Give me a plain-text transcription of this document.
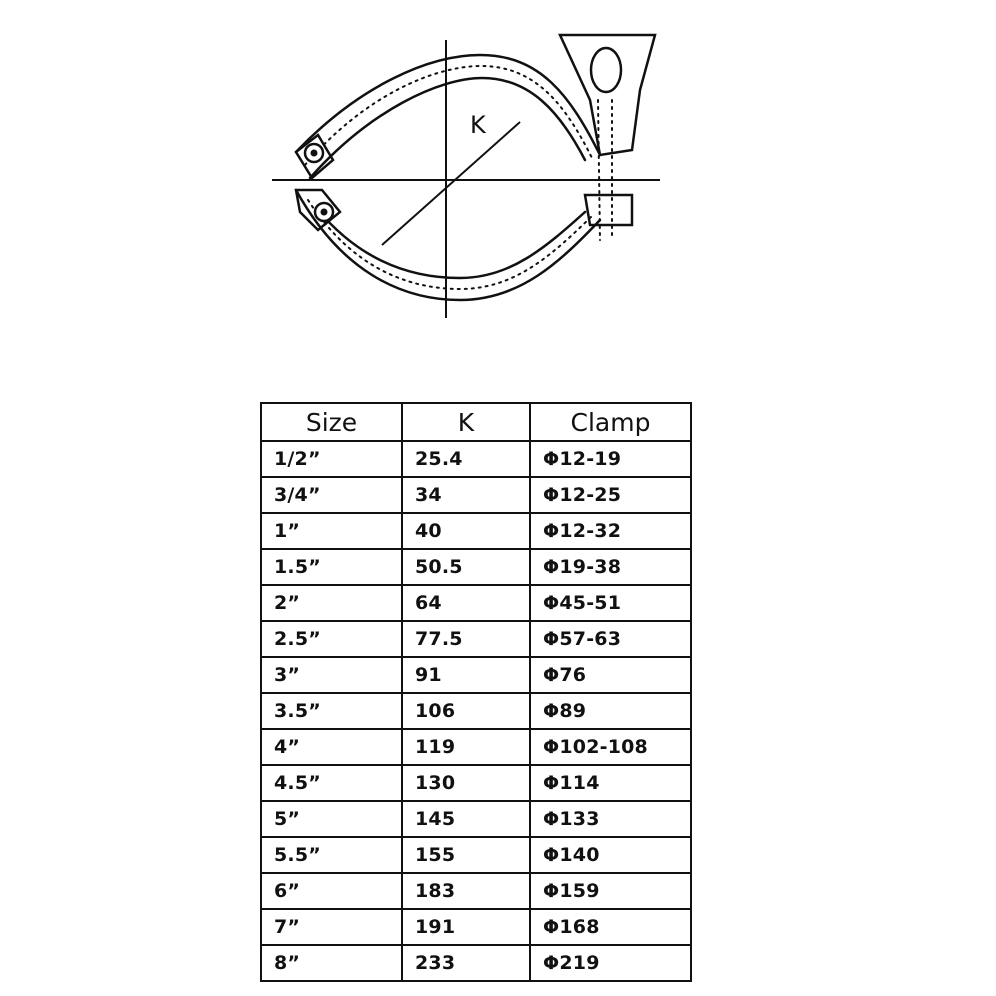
K
Size	K	Clamp
1/2”	25.4	Φ12-19
3/4”	34	Φ12-25
1”	40	Φ12-32
1.5”	50.5	Φ19-38
2”	64	Φ45-51
2.5”	77.5	Φ57-63
3”	91	Φ76
3.5”	106	Φ89
4”	119	Φ102-108
4.5”	130	Φ114
5”	145	Φ133
5.5”	155	Φ140
6”	183	Φ159
7”	191	Φ168
8”	233	Φ219
